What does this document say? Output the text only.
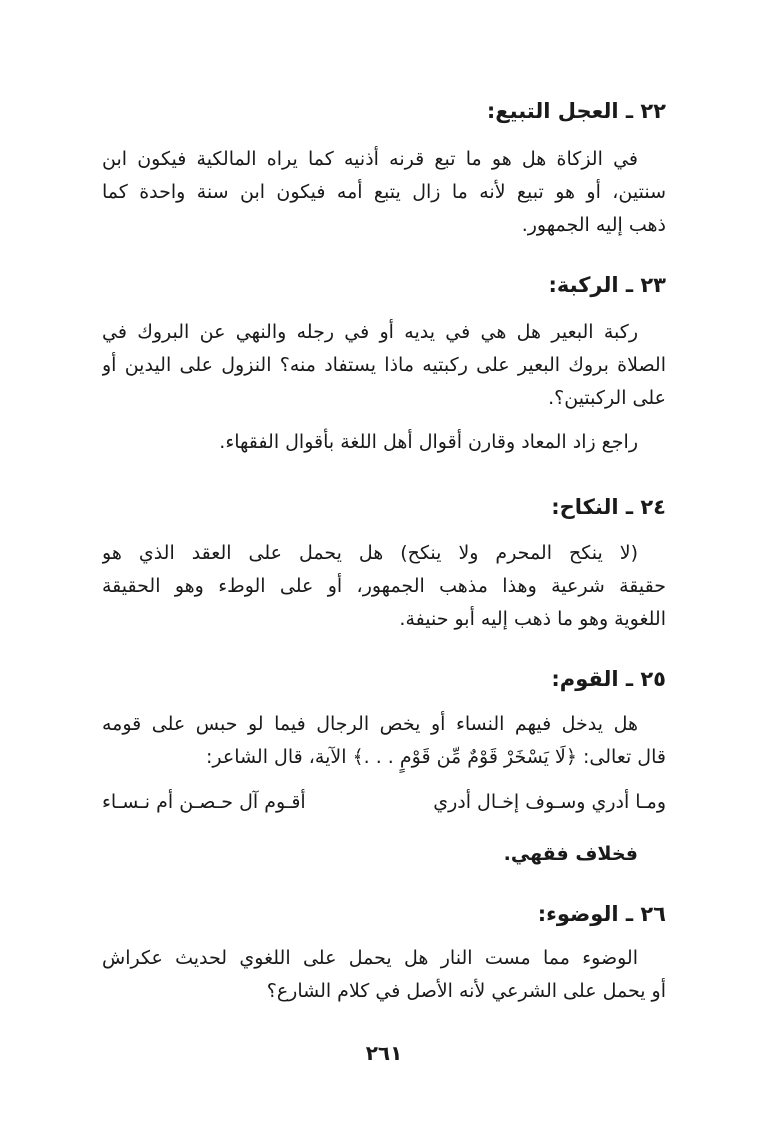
٢٢ ـ العجل التبيع:
في الزكاة هل هو ما تبع قرنه أذنيه كما يراه المالكية فيكون ابن
سنتين، أو هو تبيع لأنه ما زال يتبع أمه فيكون ابن سنة واحدة كما
ذهب إليه الجمهور.
٢٣ ـ الركبة:
ركبة البعير هل هي في يديه أو في رجله والنهي عن البروك في
الصلاة بروك البعير على ركبتيه ماذا يستفاد منه؟ النزول على اليدين أو
على الركبتين؟.
راجع زاد المعاد وقارن أقوال أهل اللغة بأقوال الفقهاء.
٢٤ ـ النكاح:
(لا ينكح المحرم ولا ينكح) هل يحمل على العقد الذي هو
حقيقة شرعية وهذا مذهب الجمهور، أو على الوطء وهو الحقيقة
اللغوية وهو ما ذهب إليه أبو حنيفة.
٢٥ ـ القوم:
هل يدخل فيهم النساء أو يخص الرجال فيما لو حبس على قومه
قال تعالى: ﴿لَا يَسْخَرْ قَوْمٌ مِّن قَوْمٍ . . .﴾ الآية، قال الشاعر:
ومـا أدري وسـوف إخـال أدري
أقـوم آل حـصـن أم نـسـاء
فخلاف فقهي.
٢٦ ـ الوضوء:
الوضوء مما مست النار هل يحمل على اللغوي لحديث عكراش
أو يحمل على الشرعي لأنه الأصل في كلام الشارع؟
٢٦١
